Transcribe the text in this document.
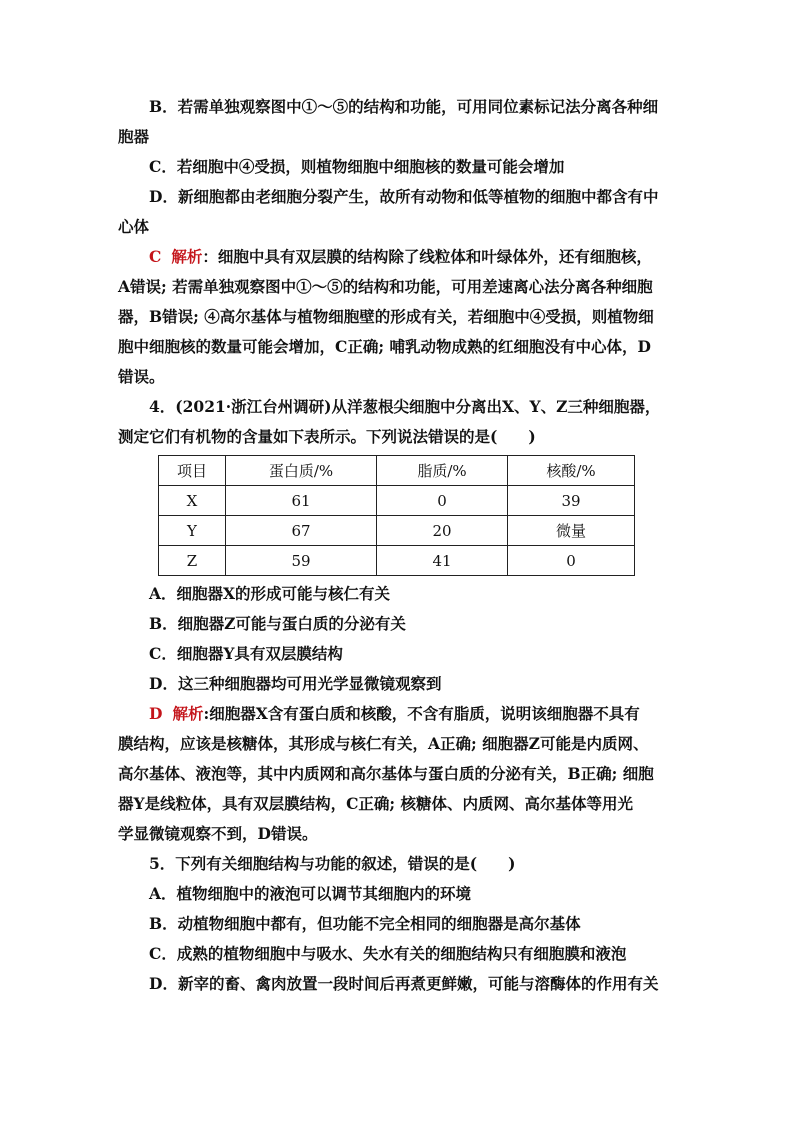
B．若需单独观察图中①～⑤的结构和功能，可用同位素标记法分离各种细

胞器

C．若细胞中④受损，则植物细胞中细胞核的数量可能会增加

D．新细胞都由老细胞分裂产生，故所有动物和低等植物的细胞中都含有中

心体

C 解析：细胞中具有双层膜的结构除了线粒体和叶绿体外，还有细胞核，

A错误; 若需单独观察图中①～⑤的结构和功能，可用差速离心法分离各种细胞

器，B错误; ④高尔基体与植物细胞壁的形成有关，若细胞中④受损，则植物细

胞中细胞核的数量可能会增加，C正确; 哺乳动物成熟的红细胞没有中心体，D

错误。

4．(2021·浙江台州调研)从洋葱根尖细胞中分离出X、Y、Z三种细胞器，

测定它们有机物的含量如下表所示。下列说法错误的是(　　)

项目	蛋白质/%	脂质/%	核酸/%
X	61	0	39
Y	67	20	微量
Z	59	41	0

A．细胞器X的形成可能与核仁有关

B．细胞器Z可能与蛋白质的分泌有关

C．细胞器Y具有双层膜结构

D．这三种细胞器均可用光学显微镜观察到

D 解析:细胞器X含有蛋白质和核酸，不含有脂质，说明该细胞器不具有

膜结构，应该是核糖体，其形成与核仁有关，A正确; 细胞器Z可能是内质网、

高尔基体、液泡等，其中内质网和高尔基体与蛋白质的分泌有关，B正确; 细胞

器Y是线粒体，具有双层膜结构，C正确; 核糖体、内质网、高尔基体等用光

学显微镜观察不到，D错误。

5．下列有关细胞结构与功能的叙述，错误的是(　　)

A．植物细胞中的液泡可以调节其细胞内的环境

B．动植物细胞中都有，但功能不完全相同的细胞器是高尔基体

C．成熟的植物细胞中与吸水、失水有关的细胞结构只有细胞膜和液泡

D．新宰的畜、禽肉放置一段时间后再煮更鲜嫩，可能与溶酶体的作用有关
